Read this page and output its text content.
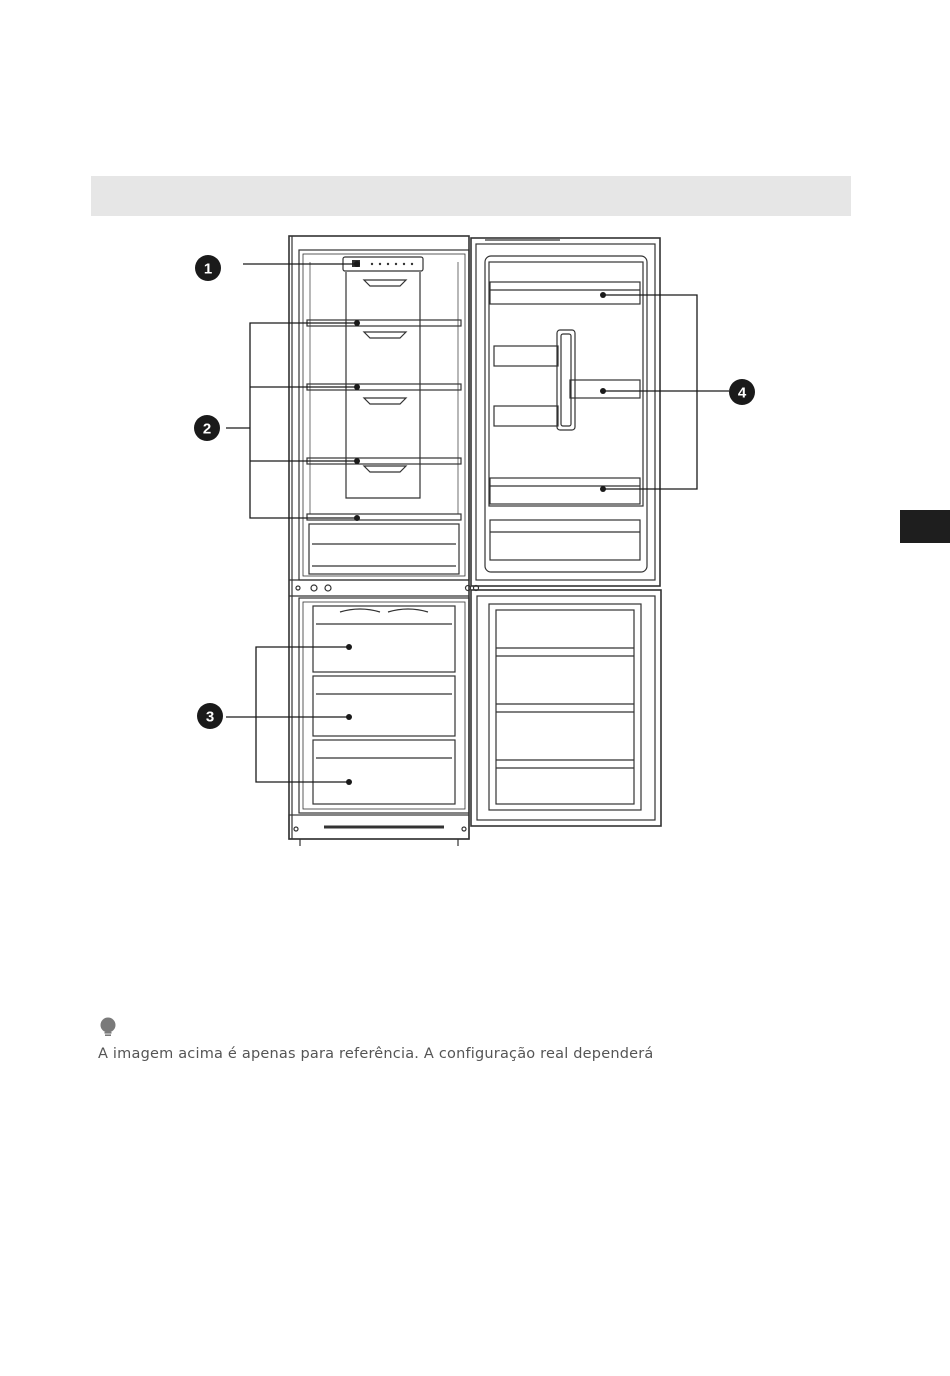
1
2
3
4
A imagem acima é apenas para referência. A configuração real dependerá
